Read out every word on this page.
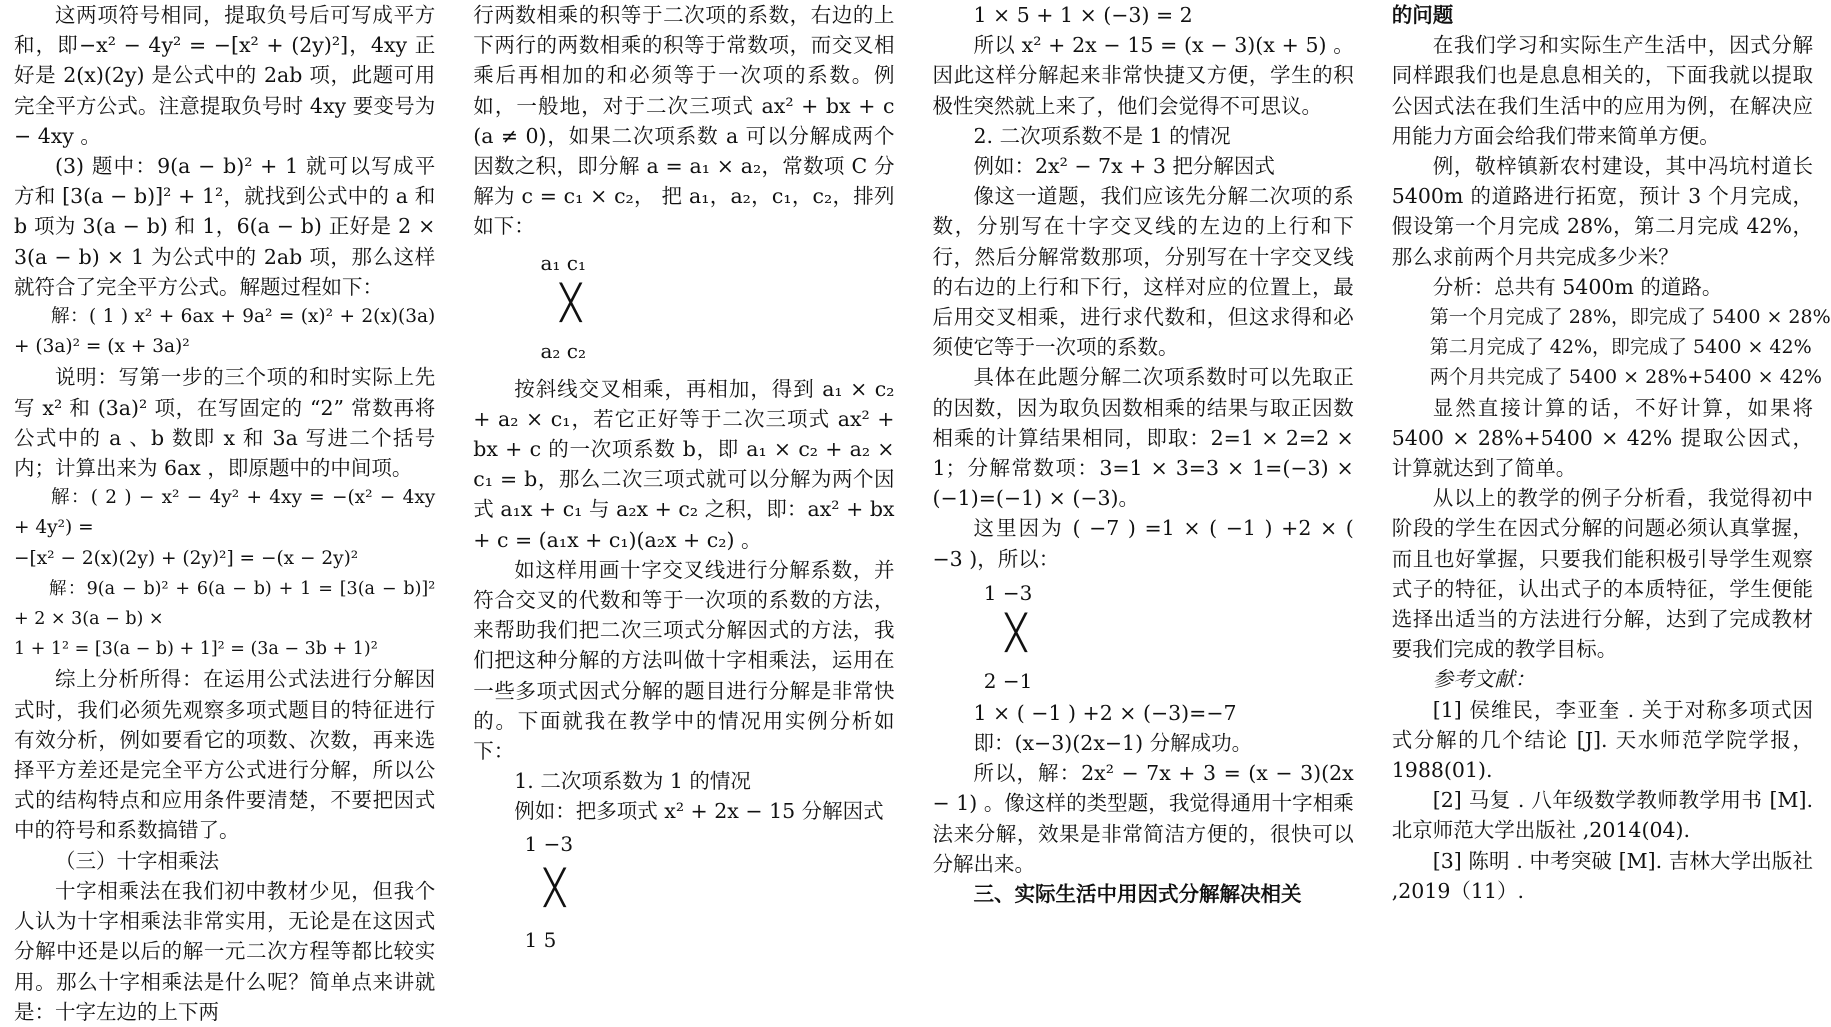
这两项符号相同，提取负号后可写成平方和，即−x² − 4y² = −[x² + (2y)²]，4xy 正好是 2(x)(2y) 是公式中的 2ab 项，此题可用完全平方公式。注意提取负号时 4xy 要变号为 − 4xy 。

(3) 题中：9(a − b)² + 1 就可以写成平方和 [3(a − b)]² + 1²，就找到公式中的 a 和 b 项为 3(a − b) 和 1，6(a − b) 正好是 2 × 3(a − b) × 1 为公式中的 2ab 项，那么这样就符合了完全平方公式。解题过程如下：

解：( 1 ) x² + 6ax + 9a² = (x)² + 2(x)(3a) + (3a)² = (x + 3a)²

说明：写第一步的三个项的和时实际上先写 x² 和 (3a)² 项，在写固定的 “2” 常数再将公式中的 a 、b 数即 x 和 3a 写进二个括号内；计算出来为 6ax ，即原题中的中间项。

解：( 2 ) − x² − 4y² + 4xy = −(x² − 4xy + 4y²) =

−[x² − 2(x)(2y) + (2y)²] = −(x − 2y)²

解：9(a − b)² + 6(a − b) + 1 = [3(a − b)]² + 2 × 3(a − b) ×

1 + 1² = [3(a − b) + 1]² = (3a − 3b + 1)²

综上分析所得：在运用公式法进行分解因式时，我们必须先观察多项式题目的特征进行有效分析，例如要看它的项数、次数，再来选择平方差还是完全平方公式进行分解，所以公式的结构特点和应用条件要清楚，不要把因式中的符号和系数搞错了。

（三）十字相乘法

十字相乘法在我们初中教材少见，但我个人认为十字相乘法非常实用，无论是在这因式分解中还是以后的解一元二次方程等都比较实用。那么十字相乘法是什么呢？简单点来讲就是：十字左边的上下两

行两数相乘的积等于二次项的系数，右边的上下两行的两数相乘的积等于常数项，而交叉相乘后再相加的和必须等于一次项的系数。例如，一般地，对于二次三项式 ax² + bx + c (a ≠ 0)，如果二次项系数 a 可以分解成两个因数之积，即分解 a = a₁ × a₂，常数项 C 分解为 c = c₁ × c₂， 把 a₁，a₂，c₁，c₂，排列如下：

a₁ c₁
╳
a₂ c₂

按斜线交叉相乘，再相加，得到 a₁ × c₂ + a₂ × c₁，若它正好等于二次三项式 ax² + bx + c 的一次项系数 b，即 a₁ × c₂ + a₂ × c₁ = b，那么二次三项式就可以分解为两个因式 a₁x + c₁ 与 a₂x + c₂ 之积，即：ax² + bx + c = (a₁x + c₁)(a₂x + c₂) 。

如这样用画十字交叉线进行分解系数，并符合交叉的代数和等于一次项的系数的方法，来帮助我们把二次三项式分解因式的方法，我们把这种分解的方法叫做十字相乘法，运用在一些多项式因式分解的题目进行分解是非常快的。下面就我在教学中的情况用实例分析如下：

1. 二次项系数为 1 的情况

例如：把多项式 x² + 2x − 15 分解因式

1 −3
╳
1 5

1 × 5 + 1 × (−3) = 2

所以 x² + 2x − 15 = (x − 3)(x + 5) 。因此这样分解起来非常快捷又方便，学生的积极性突然就上来了，他们会觉得不可思议。

2. 二次项系数不是 1 的情况

例如：2x² − 7x + 3 把分解因式

像这一道题，我们应该先分解二次项的系数，分别写在十字交叉线的左边的上行和下行，然后分解常数那项，分别写在十字交叉线的右边的上行和下行，这样对应的位置上，最后用交叉相乘，进行求代数和，但这求得和必须使它等于一次项的系数。

具体在此题分解二次项系数时可以先取正的因数，因为取负因数相乘的结果与取正因数相乘的计算结果相同，即取：2=1 × 2=2 × 1；分解常数项：3=1 × 3=3 × 1=(−3) × (−1)=(−1) × (−3)。

这里因为 ( −7 ) =1 × ( −1 ) +2 × ( −3 )，所以：

1 −3
╳
2 −1

1 × ( −1 ) +2 × (−3)=−7

即：(x−3)(2x−1) 分解成功。

所以，解：2x² − 7x + 3 = (x − 3)(2x − 1) 。像这样的类型题，我觉得通用十字相乘法来分解，效果是非常简洁方便的，很快可以分解出来。

三、实际生活中用因式分解解决相关

的问题

在我们学习和实际生产生活中，因式分解同样跟我们也是息息相关的，下面我就以提取公因式法在我们生活中的应用为例，在解决应用能力方面会给我们带来简单方便。

例，敬梓镇新农村建设，其中冯坑村道长 5400m 的道路进行拓宽，预计 3 个月完成，假设第一个月完成 28%，第二月完成 42%，那么求前两个月共完成多少米？

分析：总共有 5400m 的道路。

第一个月完成了 28%，即完成了 5400 × 28%

第二月完成了 42%，即完成了 5400 × 42%

两个月共完成了 5400 × 28%+5400 × 42%

显然直接计算的话，不好计算，如果将 5400 × 28%+5400 × 42% 提取公因式，计算就达到了简单。

从以上的教学的例子分析看，我觉得初中阶段的学生在因式分解的问题必须认真掌握，而且也好掌握，只要我们能积极引导学生观察式子的特征，认出式子的本质特征，学生便能选择出适当的方法进行分解，达到了完成教材要我们完成的教学目标。

参考文献：

[1] 侯维民，李亚奎 . 关于对称多项式因式分解的几个结论 [J]. 天水师范学院学报，1988(01).

[2] 马复 . 八年级数学教师教学用书 [M]. 北京师范大学出版社 ,2014(04).

[3] 陈明 . 中考突破 [M]. 吉林大学出版社 ,2019（11）.
